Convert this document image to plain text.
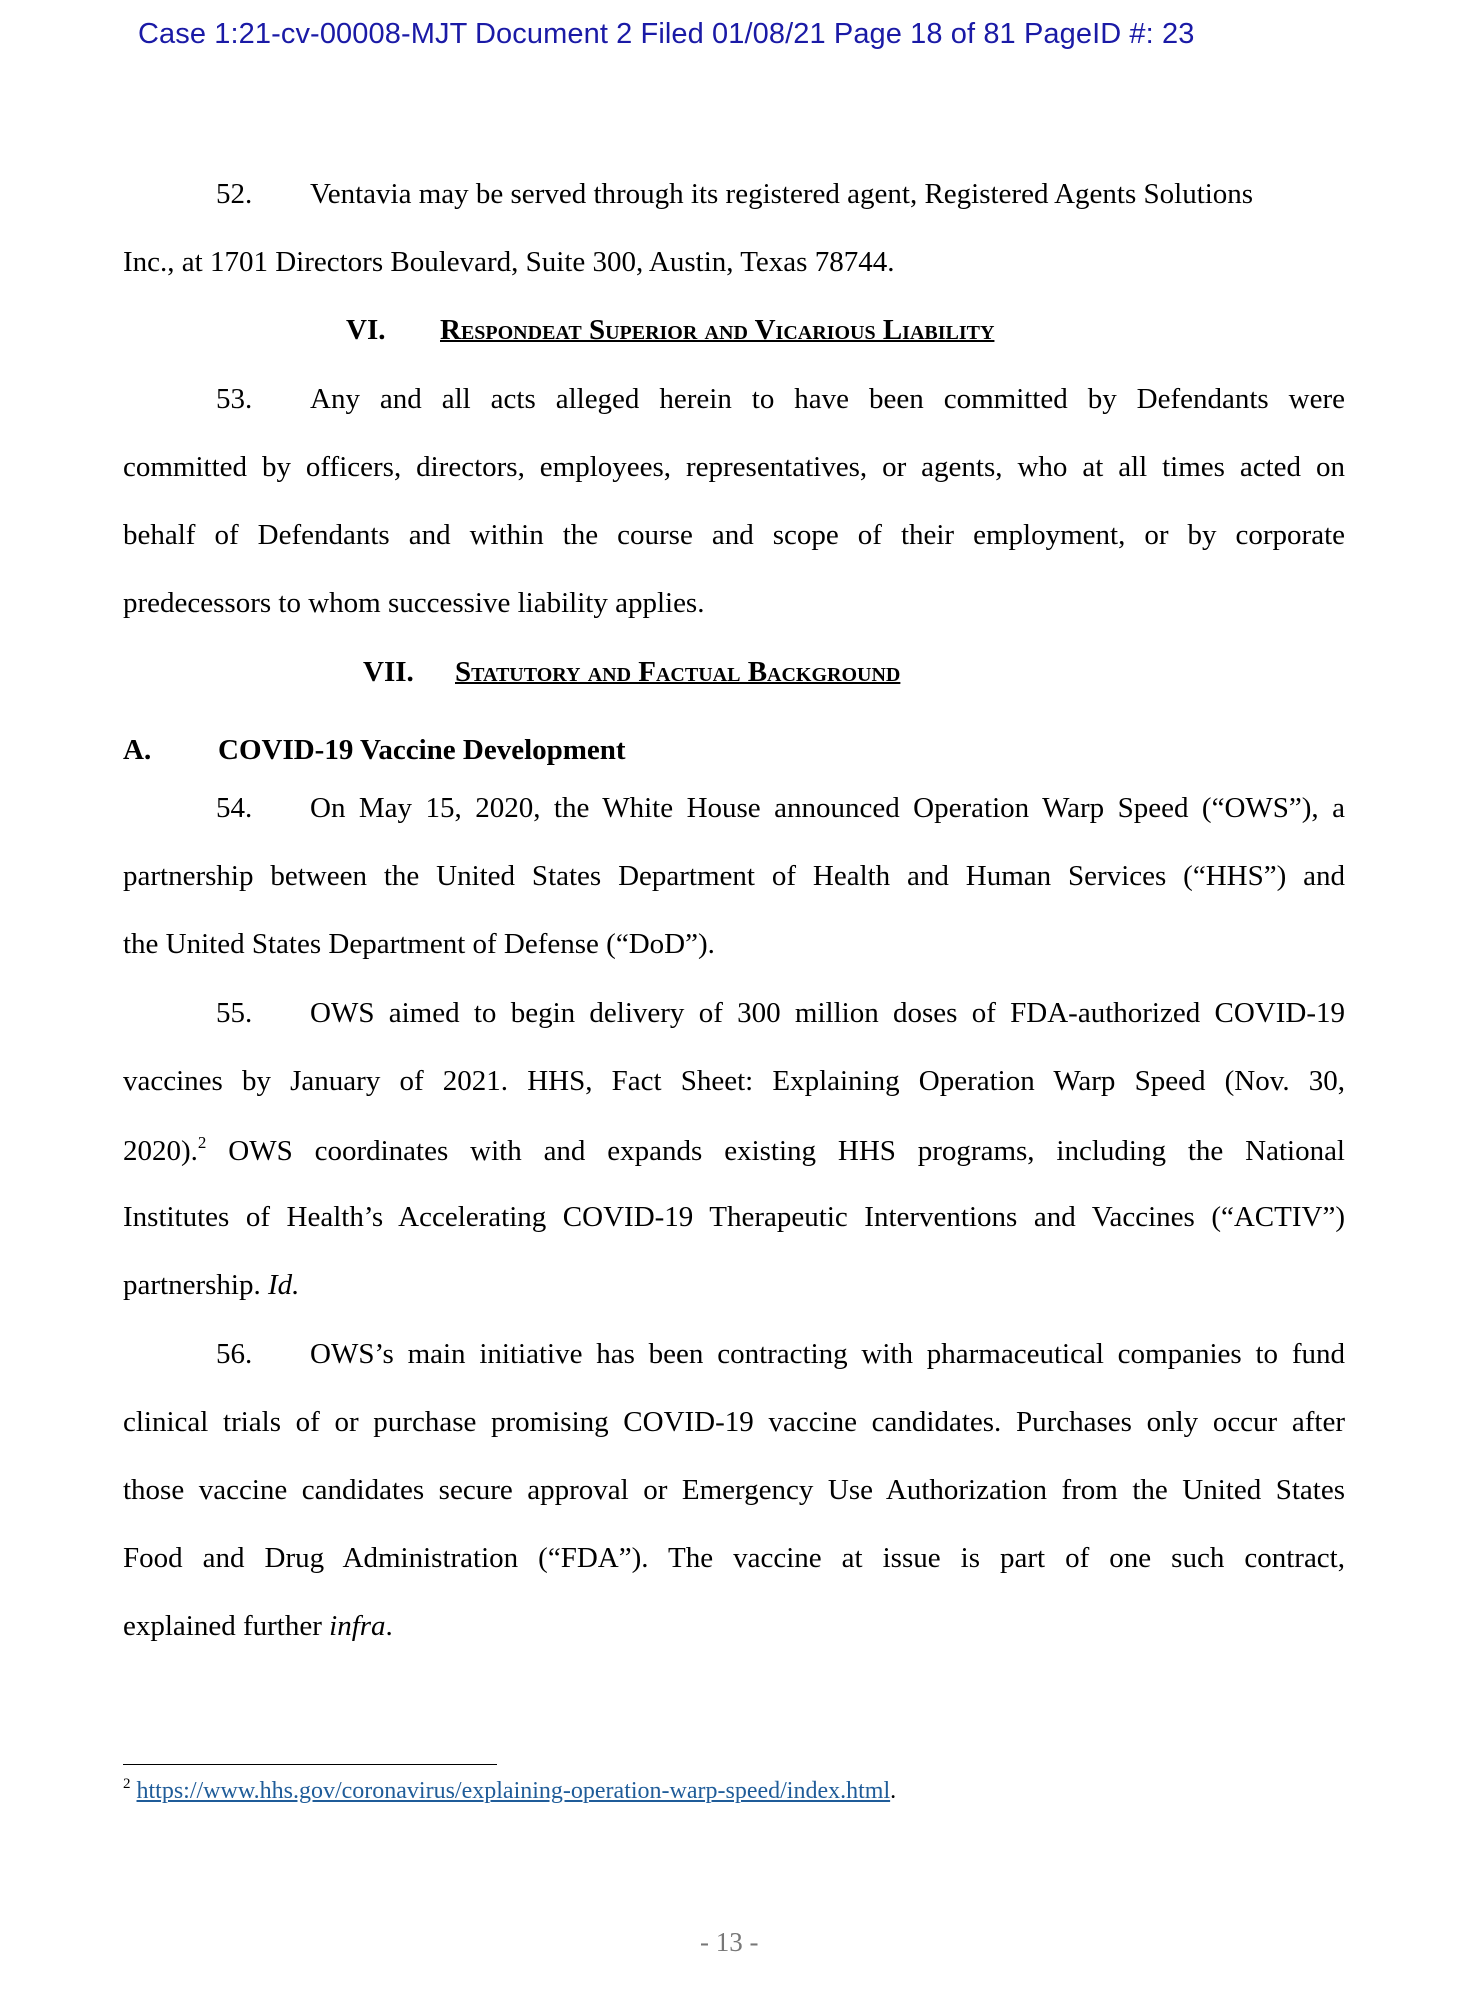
Case 1:21-cv-00008-MJT Document 2 Filed 01/08/21 Page 18 of 81 PageID #: 23
52. Ventavia may be served through its registered agent, Registered Agents Solutions
Inc., at 1701 Directors Boulevard, Suite 300, Austin, Texas 78744.
VI. Respondeat Superior and Vicarious Liability
53. Any and all acts alleged herein to have been committed by Defendants were
committed by officers, directors, employees, representatives, or agents, who at all times acted on
behalf of Defendants and within the course and scope of their employment, or by corporate
predecessors to whom successive liability applies.
VII. Statutory and Factual Background
A. COVID-19 Vaccine Development
54. On May 15, 2020, the White House announced Operation Warp Speed (“OWS”), a
partnership between the United States Department of Health and Human Services (“HHS”) and
the United States Department of Defense (“DoD”).
55. OWS aimed to begin delivery of 300 million doses of FDA-authorized COVID-19
vaccines by January of 2021. HHS, Fact Sheet: Explaining Operation Warp Speed (Nov. 30,
2020).$^2$ OWS coordinates with and expands existing HHS programs, including the National
Institutes of Health’s Accelerating COVID-19 Therapeutic Interventions and Vaccines (“ACTIV”)
partnership. Id.
56. OWS’s main initiative has been contracting with pharmaceutical companies to fund
clinical trials of or purchase promising COVID-19 vaccine candidates. Purchases only occur after
those vaccine candidates secure approval or Emergency Use Authorization from the United States
Food and Drug Administration (“FDA”). The vaccine at issue is part of one such contract,
explained further infra.
$^2$ https://www.hhs.gov/coronavirus/explaining-operation-warp-speed/index.html.
- 13 -
